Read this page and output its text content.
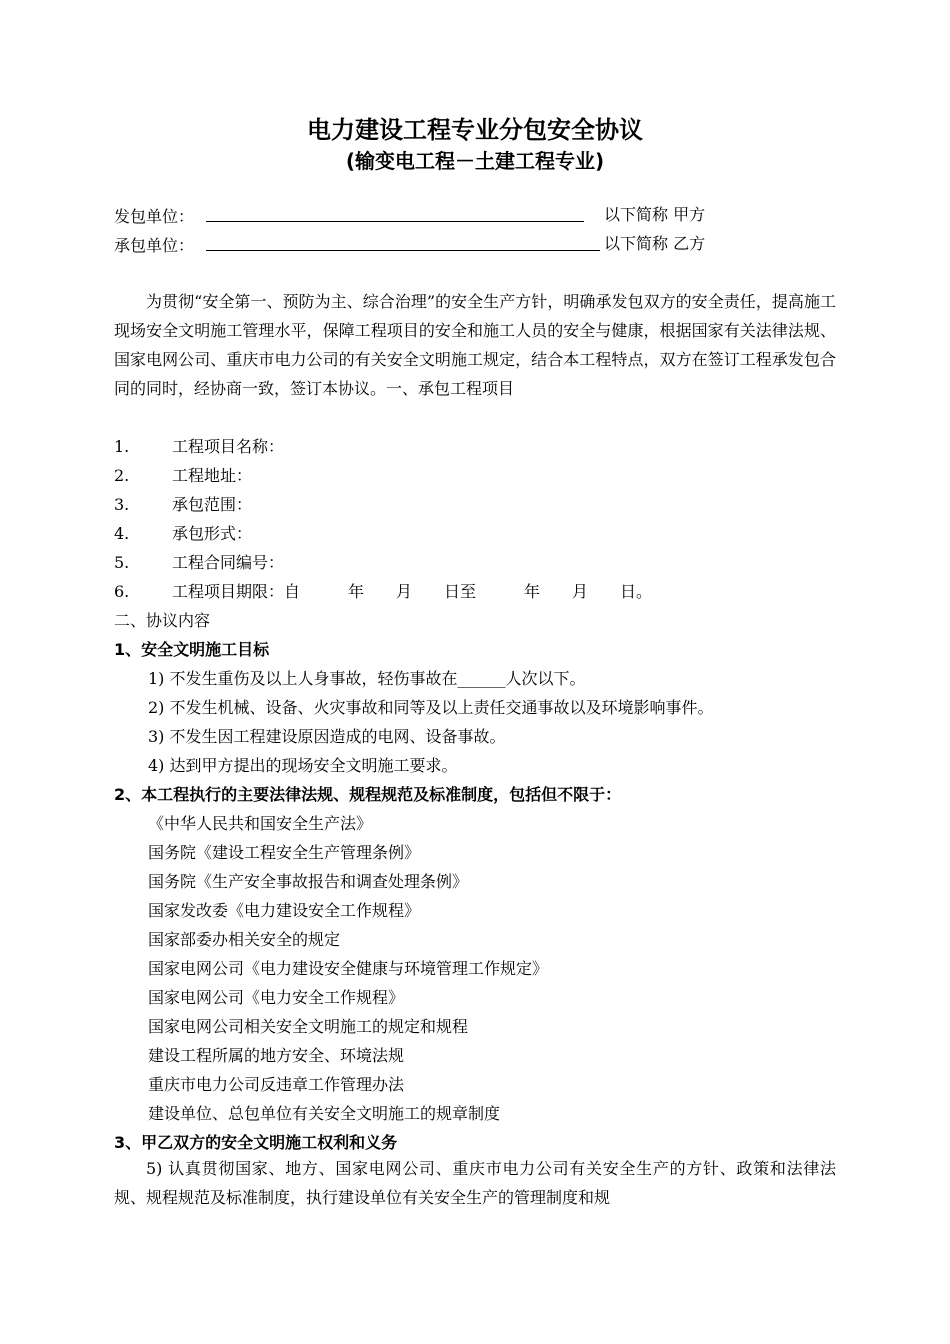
电力建设工程专业分包安全协议
(输变电工程－土建工程专业)
发包单位：	以下简称 甲方
承包单位：	以下简称 乙方
为贯彻“安全第一、预防为主、综合治理”的安全生产方针，明确承发包双方的安全责任，提高施工现场安全文明施工管理水平，保障工程项目的安全和施工人员的安全与健康，根据国家有关法律法规、国家电网公司、重庆市电力公司的有关安全文明施工规定，结合本工程特点，双方在签订工程承发包合同的同时，经协商一致，签订本协议。一、承包工程项目
1.	工程项目名称：
2.	工程地址：
3.	承包范围：
4.	承包形式：
5.	工程合同编号：
6.	工程项目期限：自　　　年　　月　　日至　　　年　　月　　日。
二、协议内容
1、安全文明施工目标
1) 不发生重伤及以上人身事故，轻伤事故在______人次以下。
2) 不发生机械、设备、火灾事故和同等及以上责任交通事故以及环境影响事件。
3) 不发生因工程建设原因造成的电网、设备事故。
4) 达到甲方提出的现场安全文明施工要求。
2、本工程执行的主要法律法规、规程规范及标准制度，包括但不限于：
《中华人民共和国安全生产法》
国务院《建设工程安全生产管理条例》
国务院《生产安全事故报告和调查处理条例》
国家发改委《电力建设安全工作规程》
国家部委办相关安全的规定
国家电网公司《电力建设安全健康与环境管理工作规定》
国家电网公司《电力安全工作规程》
国家电网公司相关安全文明施工的规定和规程
建设工程所属的地方安全、环境法规
重庆市电力公司反违章工作管理办法
建设单位、总包单位有关安全文明施工的规章制度
3、甲乙双方的安全文明施工权利和义务
5) 认真贯彻国家、地方、国家电网公司、重庆市电力公司有关安全生产的方针、政策和法律法规、规程规范及标准制度，执行建设单位有关安全生产的管理制度和规
